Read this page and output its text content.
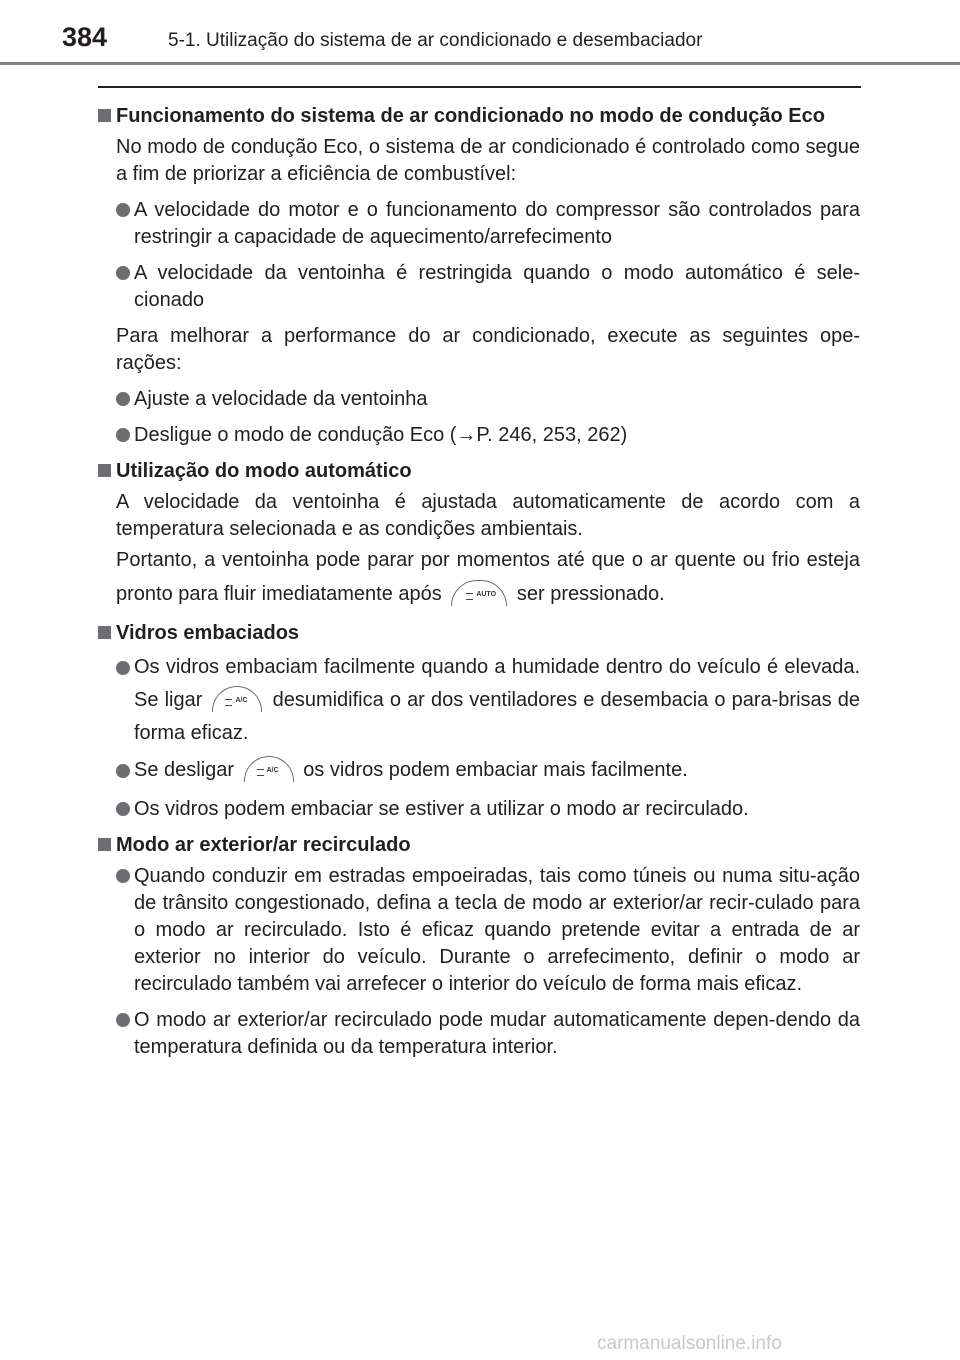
384	5-1. Utilização do sistema de ar condicionado e desembaciador
Funcionamento do sistema de ar condicionado no modo de condução Eco
No modo de condução Eco, o sistema de ar condicionado é controlado como segue a fim de priorizar a eficiência de combustível:
A velocidade do motor e o funcionamento do compressor são controlados para restringir a capacidade de aquecimento/arrefecimento
A velocidade da ventoinha é restringida quando o modo automático é sele-cionado
Para melhorar a performance do ar condicionado, execute as seguintes ope-rações:
Ajuste a velocidade da ventoinha
Desligue o modo de condução Eco (→P. 246, 253, 262)
Utilização do modo automático
A velocidade da ventoinha é ajustada automaticamente de acordo com a temperatura selecionada e as condições ambientais.
Portanto, a ventoinha pode parar por momentos até que o ar quente ou frio esteja pronto para fluir imediatamente após	AUTO ser pressionado.
Vidros embaciados
Os vidros embaciam facilmente quando a humidade dentro do veículo é elevada. Se ligar	A/C desumidifica o ar dos ventiladores e desembacia o para-brisas de forma eficaz.
Se desligar	A/C os vidros podem embaciar mais facilmente.
Os vidros podem embaciar se estiver a utilizar o modo ar recirculado.
Modo ar exterior/ar recirculado
Quando conduzir em estradas empoeiradas, tais como túneis ou numa situ-ação de trânsito congestionado, defina a tecla de modo ar exterior/ar recir-culado para o modo ar recirculado. Isto é eficaz quando pretende evitar a entrada de ar exterior no interior do veículo. Durante o arrefecimento, definir o modo ar recirculado também vai arrefecer o interior do veículo de forma mais eficaz.
O modo ar exterior/ar recirculado pode mudar automaticamente depen-dendo da temperatura definida ou da temperatura interior.
carmanualsonline.info
